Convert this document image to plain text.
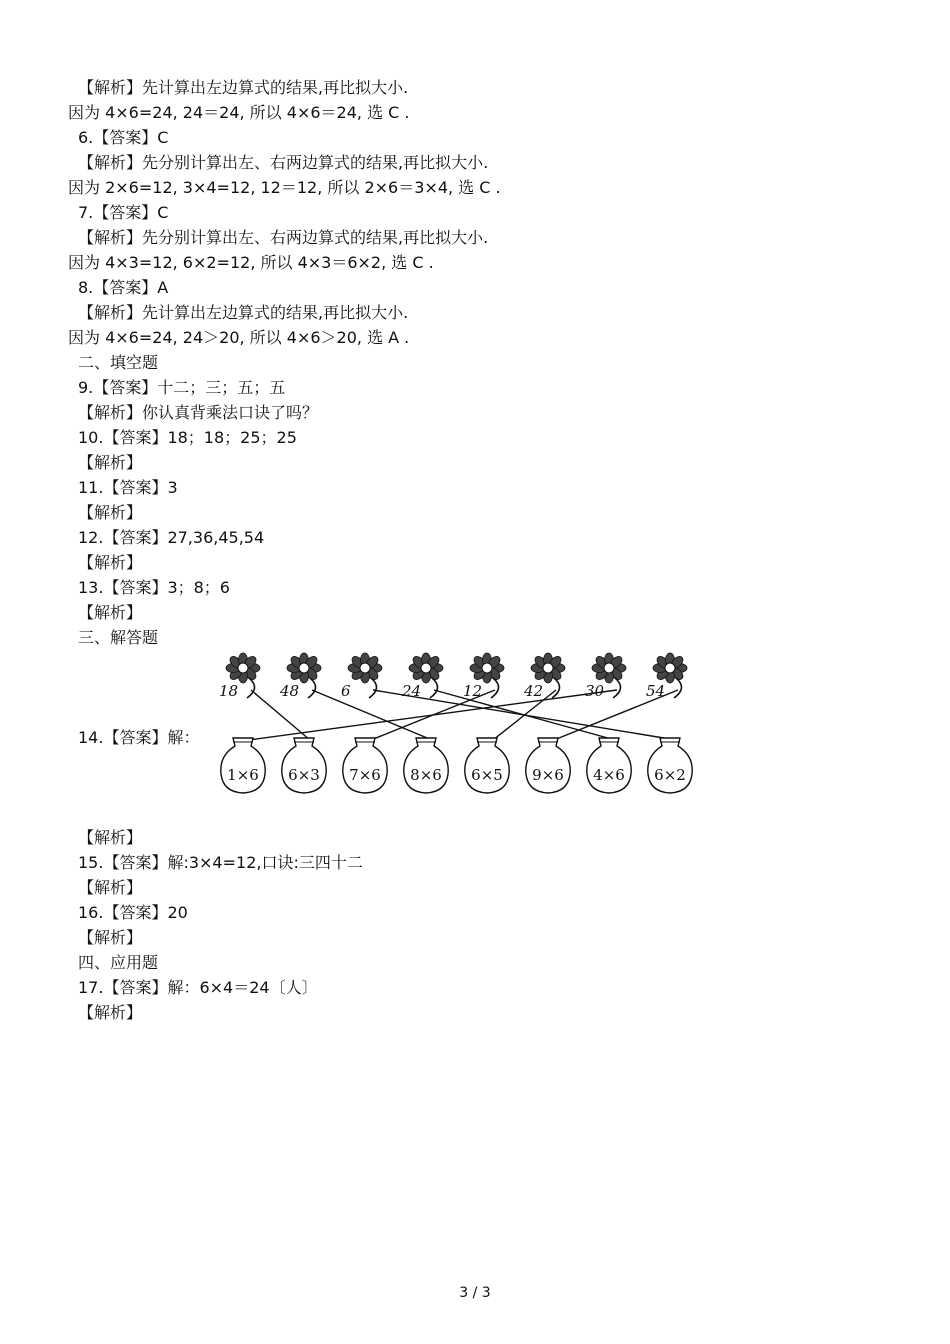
【解析】先计算出左边算式的结果,再比拟大小.
因为 4×6=24, 24＝24, 所以 4×6＝24, 选 C .
6.【答案】C
【解析】先分别计算出左、右两边算式的结果,再比拟大小.
因为 2×6=12, 3×4=12, 12＝12, 所以 2×6＝3×4, 选 C .
7.【答案】C
【解析】先分别计算出左、右两边算式的结果,再比拟大小.
因为 4×3=12, 6×2=12, 所以 4×3＝6×2, 选 C .
8.【答案】A
【解析】先计算出左边算式的结果,再比拟大小.
因为 4×6=24, 24＞20, 所以 4×6＞20, 选 A .
二、填空题
9.【答案】十二；三；五；五
【解析】你认真背乘法口诀了吗？
10.【答案】18；18；25；25
【解析】
11.【答案】3
【解析】
12.【答案】27,36,45,54
【解析】
13.【答案】3；8；6
【解析】
三、解答题
14.【答案】解：
【解析】
15.【答案】解:3×4=12,口诀:三四十二
【解析】
16.【答案】20
【解析】
四、应用题
17.【答案】解：6×4＝24〔人〕
【解析】
18	48	6	24	12	42	30	54
1×6 6×3 7×6 8×6 6×5 9×6 4×6 6×2
3 / 3
